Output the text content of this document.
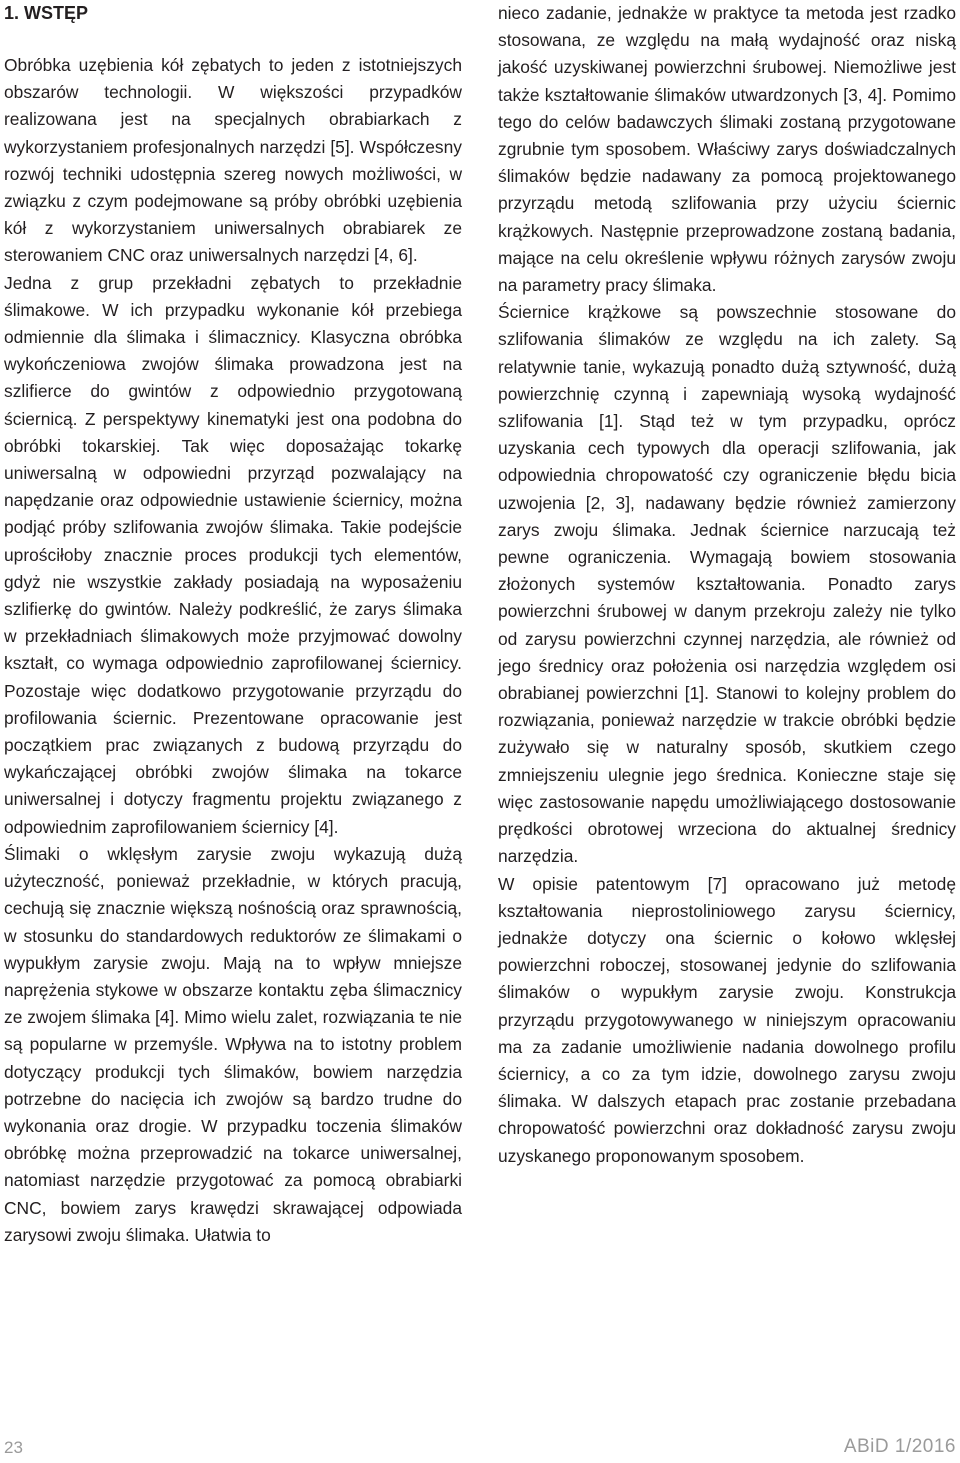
1. WSTĘP

Obróbka uzębienia kół zębatych to jeden z istotniejszych obszarów technologii. W większości przypadków realizowana jest na specjalnych obrabiarkach z wykorzystaniem profesjonalnych narzędzi [5]. Współczesny rozwój techniki udostępnia szereg nowych możliwości, w związku z czym podejmowane są próby obróbki uzębienia kół z wykorzystaniem uniwersalnych obrabiarek ze sterowaniem CNC oraz uniwersalnych narzędzi [4, 6].

Jedna z grup przekładni zębatych to przekładnie ślimakowe. W ich przypadku wykonanie kół przebiega odmiennie dla ślimaka i ślimacznicy. Klasyczna obróbka wykończeniowa zwojów ślimaka prowadzona jest na szlifierce do gwintów z odpowiednio przygotowaną ściernicą. Z perspektywy kinematyki jest ona podobna do obróbki tokarskiej. Tak więc doposażając tokarkę uniwersalną w odpowiedni przyrząd pozwalający na napędzanie oraz odpowiednie ustawienie ściernicy, można podjąć próby szlifowania zwojów ślimaka. Takie podejście uprościłoby znacznie proces produkcji tych elementów, gdyż nie wszystkie zakłady posiadają na wyposażeniu szlifierkę do gwintów. Należy podkreślić, że zarys ślimaka w przekładniach ślimakowych może przyjmować dowolny kształt, co wymaga odpowiednio zaprofilowanej ściernicy. Pozostaje więc dodatkowo przygotowanie przyrządu do profilowania ściernic. Prezentowane opracowanie jest początkiem prac związanych z budową przyrządu do wykańczającej obróbki zwojów ślimaka na tokarce uniwersalnej i dotyczy fragmentu projektu związanego z odpowiednim zaprofilowaniem ściernicy [4].

Ślimaki o wklęsłym zarysie zwoju wykazują dużą użyteczność, ponieważ przekładnie, w których pracują, cechują się znacznie większą nośnością oraz sprawnością, w stosunku do standardowych reduktorów ze ślimakami o wypukłym zarysie zwoju. Mają na to wpływ mniejsze naprężenia stykowe w obszarze kontaktu zęba ślimacznicy ze zwojem ślimaka [4]. Mimo wielu zalet, rozwiązania te nie są popularne w przemyśle. Wpływa na to istotny problem dotyczący produkcji tych ślimaków, bowiem narzędzia potrzebne do nacięcia ich zwojów są bardzo trudne do wykonania oraz drogie. W przypadku toczenia ślimaków obróbkę można przeprowadzić na tokarce uniwersalnej, natomiast narzędzie przygotować za pomocą obrabiarki CNC, bowiem zarys krawędzi skrawającej odpowiada zarysowi zwoju ślimaka. Ułatwia to

nieco zadanie, jednakże w praktyce ta metoda jest rzadko stosowana, ze względu na małą wydajność oraz niską jakość uzyskiwanej powierzchni śrubowej. Niemożliwe jest także kształtowanie ślimaków utwardzonych [3, 4]. Pomimo tego do celów badawczych ślimaki zostaną przygotowane zgrubnie tym sposobem. Właściwy zarys doświadczalnych ślimaków będzie nadawany za pomocą projektowanego przyrządu metodą szlifowania przy użyciu ściernic krążkowych. Następnie przeprowadzone zostaną badania, mające na celu określenie wpływu różnych zarysów zwoju na parametry pracy ślimaka.

Ściernice krążkowe są powszechnie stosowane do szlifowania ślimaków ze względu na ich zalety. Są relatywnie tanie, wykazują ponadto dużą sztywność, dużą powierzchnię czynną i zapewniają wysoką wydajność szlifowania [1]. Stąd też w tym przypadku, oprócz uzyskania cech typowych dla operacji szlifowania, jak odpowiednia chropowatość czy ograniczenie błędu bicia uzwojenia [2, 3], nadawany będzie również zamierzony zarys zwoju ślimaka. Jednak ściernice narzucają też pewne ograniczenia. Wymagają bowiem stosowania złożonych systemów kształtowania. Ponadto zarys powierzchni śrubowej w danym przekroju zależy nie tylko od zarysu powierzchni czynnej narzędzia, ale również od jego średnicy oraz położenia osi narzędzia względem osi obrabianej powierzchni [1]. Stanowi to kolejny problem do rozwiązania, ponieważ narzędzie w trakcie obróbki będzie zużywało się w naturalny sposób, skutkiem czego zmniejszeniu ulegnie jego średnica. Konieczne staje się więc zastosowanie napędu umożliwiającego dostosowanie prędkości obrotowej wrzeciona do aktualnej średnicy narzędzia.

W opisie patentowym [7] opracowano już metodę kształtowania nieprostoliniowego zarysu ściernicy, jednakże dotyczy ona ściernic o kołowo wklęsłej powierzchni roboczej, stosowanej jedynie do szlifowania ślimaków o wypukłym zarysie zwoju. Konstrukcja przyrządu przygotowywanego w niniejszym opracowaniu ma za zadanie umożliwienie nadania dowolnego profilu ściernicy, a co za tym idzie, dowolnego zarysu zwoju ślimaka. W dalszych etapach prac zostanie przebadana chropowatość powierzchni oraz dokładność zarysu zwoju uzyskanego proponowanym sposobem.

23	ABiD 1/2016
